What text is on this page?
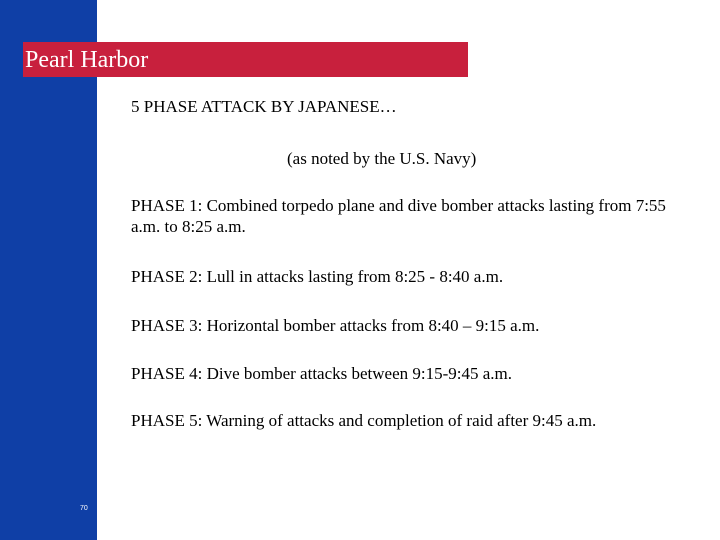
Pearl Harbor
5 PHASE ATTACK BY JAPANESE…
(as noted by the U.S. Navy)
PHASE 1: Combined torpedo plane and dive bomber attacks lasting from 7:55 a.m. to 8:25 a.m.
PHASE 2: Lull in attacks lasting from 8:25 - 8:40 a.m.
PHASE 3: Horizontal bomber attacks from 8:40 – 9:15 a.m.
PHASE 4: Dive bomber attacks between 9:15-9:45 a.m.
PHASE 5: Warning of attacks and completion of raid after 9:45 a.m.
70
